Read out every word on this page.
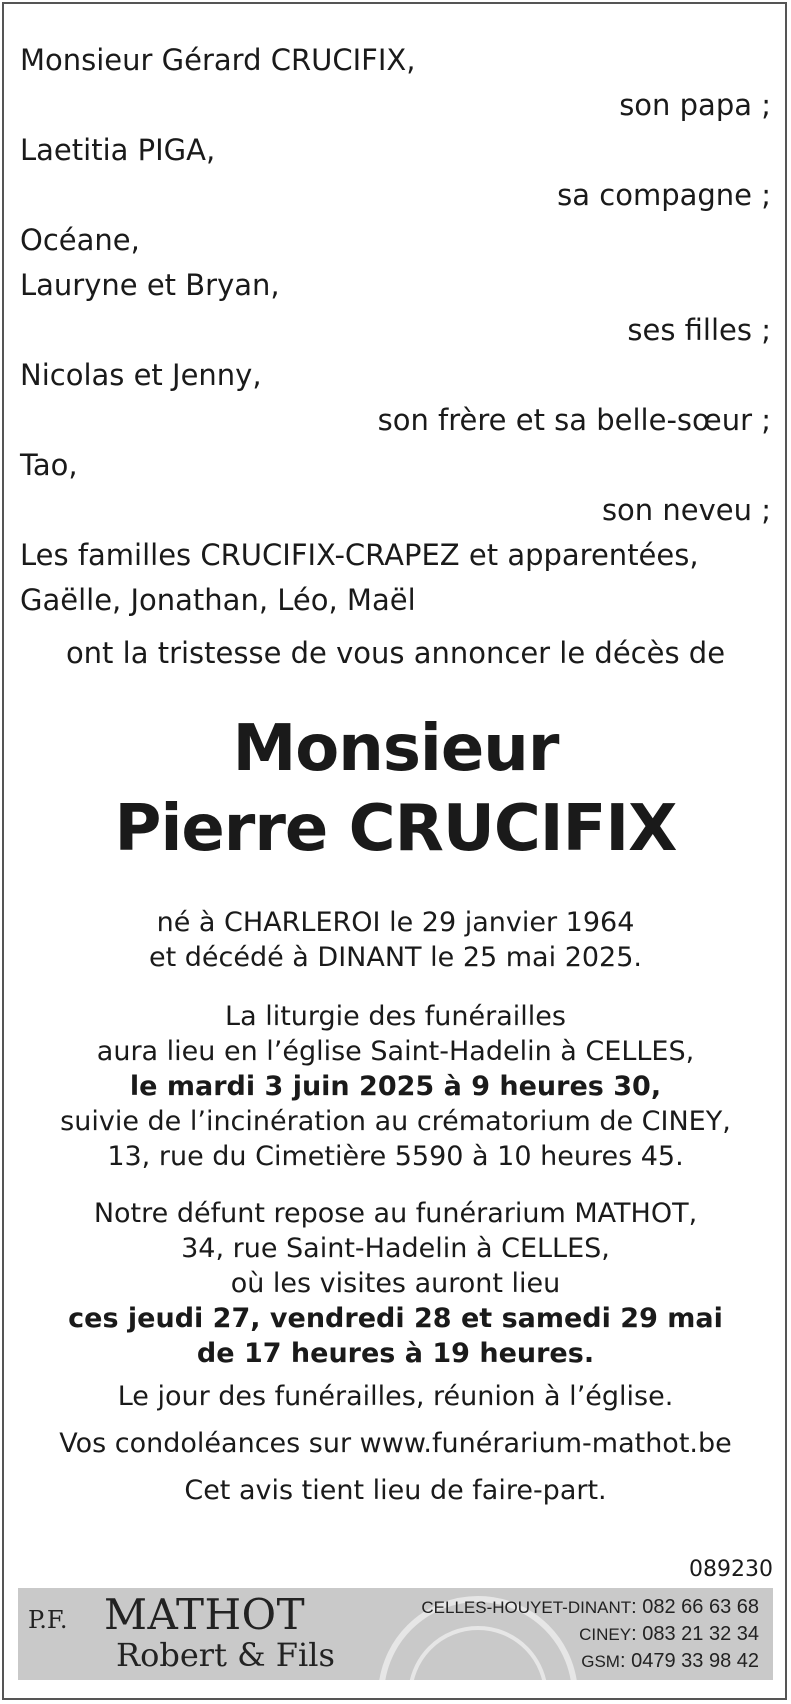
Monsieur Gérard CRUCIFIX,
son papa ;
Laetitia PIGA,
sa compagne ;
Océane,
Lauryne et Bryan,
ses filles ;
Nicolas et Jenny,
son frère et sa belle-sœur ;
Tao,
son neveu ;
Les familles CRUCIFIX-CRAPEZ et apparentées,
Gaëlle, Jonathan, Léo, Maël
ont la tristesse de vous annoncer le décès de
Monsieur
Pierre CRUCIFIX
né à CHARLEROI le 29 janvier 1964
et décédé à DINANT le 25 mai 2025.
La liturgie des funérailles
aura lieu en l’église Saint-Hadelin à CELLES,
le mardi 3 juin 2025 à 9 heures 30,
suivie de l’incinération au crématorium de CINEY,
13, rue du Cimetière 5590 à 10 heures 45.
Notre défunt repose au funérarium MATHOT,
34, rue Saint-Hadelin à CELLES,
où les visites auront lieu
ces jeudi 27, vendredi 28 et samedi 29 mai
de 17 heures à 19 heures.
Le jour des funérailles, réunion à l’église.
Vos condoléances sur www.funérarium-mathot.be
Cet avis tient lieu de faire-part.
089230
P.F. MATHOT
Robert & Fils
CELLES-HOUYET-DINANT: 082 66 63 68
CINEY: 083 21 32 34
GSM: 0479 33 98 42
